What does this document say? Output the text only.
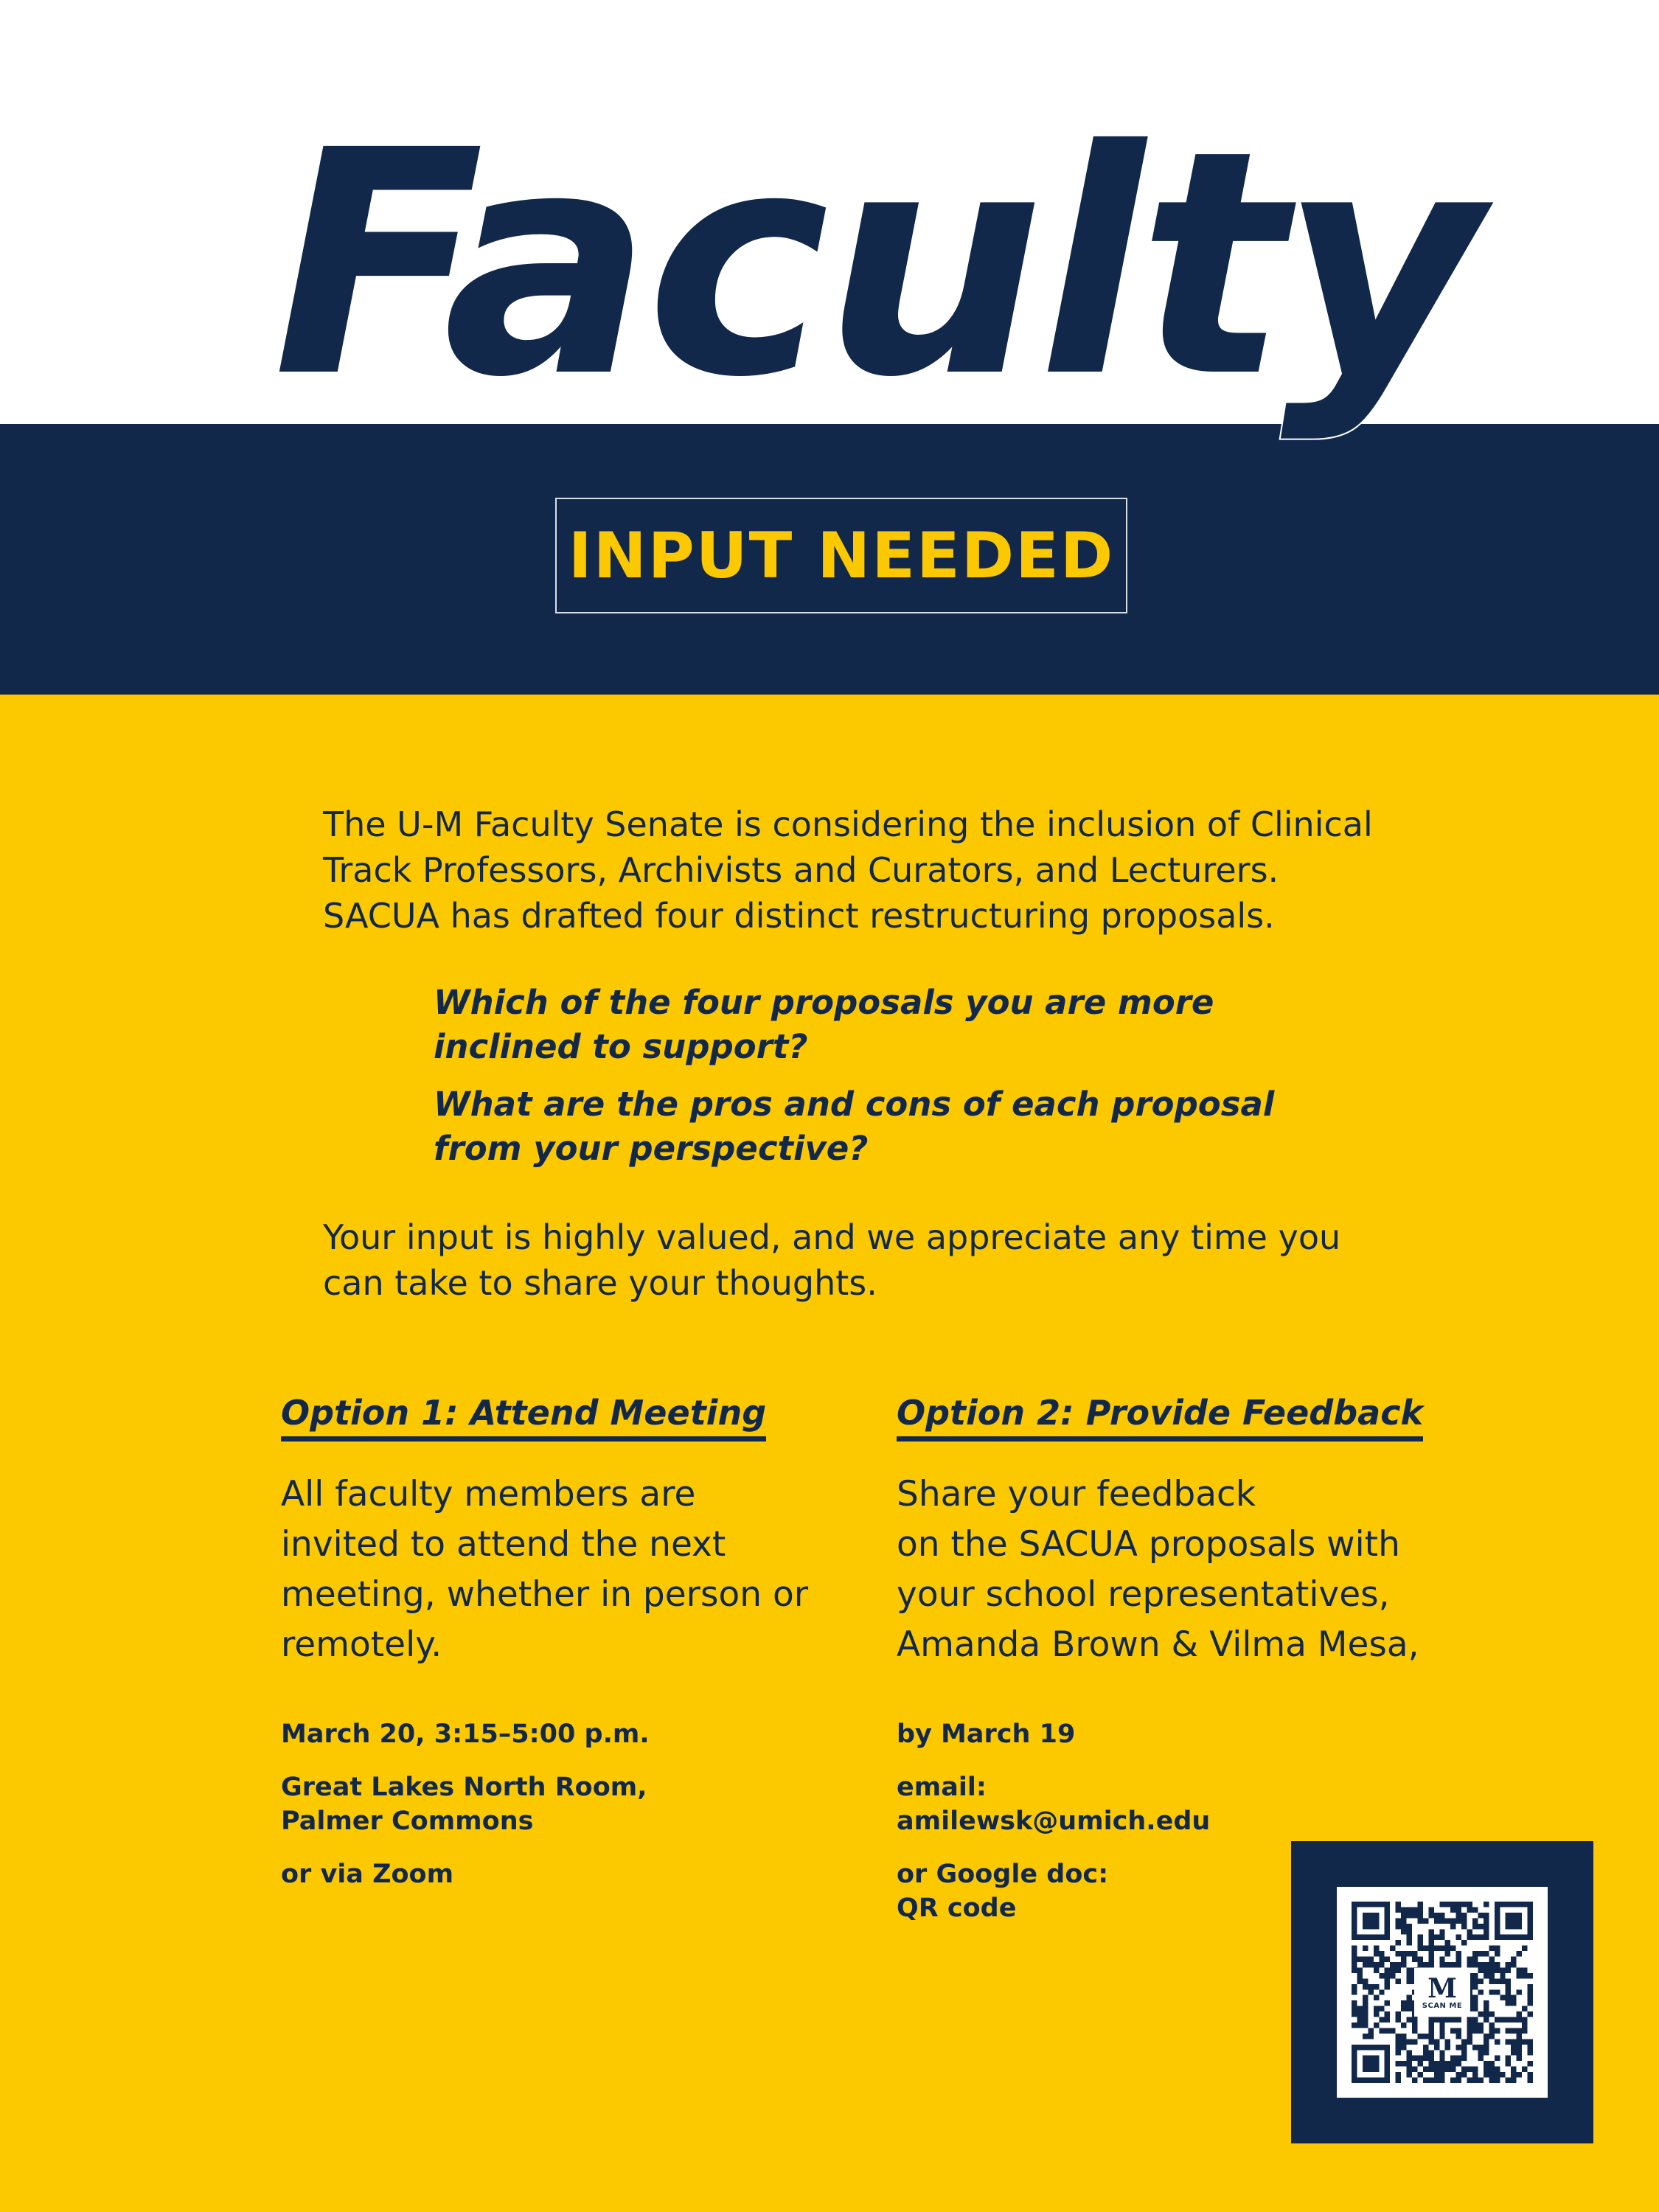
Faculty
INPUT NEEDED
The U-M Faculty Senate is considering the inclusion of Clinical
Track Professors, Archivists and Curators, and Lecturers.
SACUA has drafted four distinct restructuring proposals.
Which of the four proposals you are more
inclined to support?
What are the pros and cons of each proposal
from your perspective?
Your input is highly valued, and we appreciate any time you
can take to share your thoughts.
Option 1: Attend Meeting
All faculty members are
invited to attend the next
meeting, whether in person or
remotely.
March 20, 3:15–5:00 p.m.
Great Lakes North Room,
Palmer Commons
or via Zoom
Option 2: Provide Feedback
Share your feedback
on the SACUA proposals with
your school representatives,
Amanda Brown & Vilma Mesa,
by March 19
email:
amilewsk@umich.edu
or Google doc:
QR code
M
SCAN ME
